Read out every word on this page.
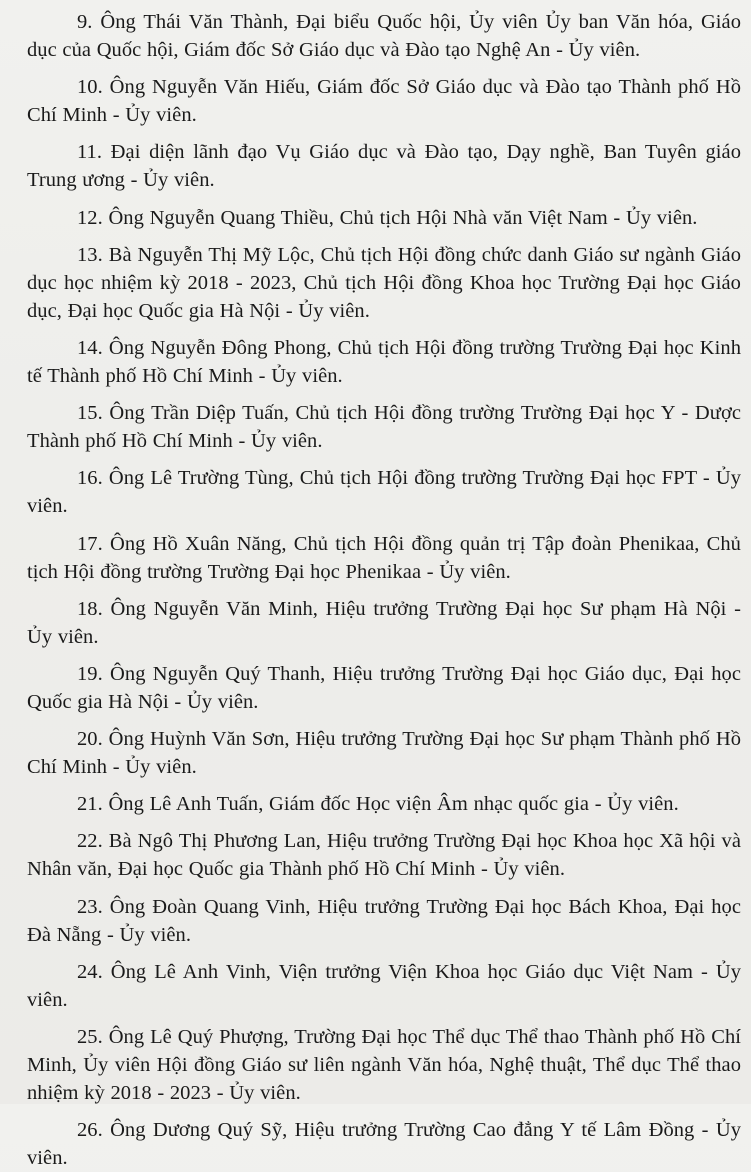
9. Ông Thái Văn Thành, Đại biểu Quốc hội, Ủy viên Ủy ban Văn hóa, Giáo dục của Quốc hội, Giám đốc Sở Giáo dục và Đào tạo Nghệ An - Ủy viên.

10. Ông Nguyễn Văn Hiếu, Giám đốc Sở Giáo dục và Đào tạo Thành phố Hồ Chí Minh - Ủy viên.

11. Đại diện lãnh đạo Vụ Giáo dục và Đào tạo, Dạy nghề, Ban Tuyên giáo Trung ương - Ủy viên.

12. Ông Nguyễn Quang Thiều, Chủ tịch Hội Nhà văn Việt Nam - Ủy viên.

13. Bà Nguyễn Thị Mỹ Lộc, Chủ tịch Hội đồng chức danh Giáo sư ngành Giáo dục học nhiệm kỳ 2018 - 2023, Chủ tịch Hội đồng Khoa học Trường Đại học Giáo dục, Đại học Quốc gia Hà Nội - Ủy viên.

14. Ông Nguyễn Đông Phong, Chủ tịch Hội đồng trường Trường Đại học Kinh tế Thành phố Hồ Chí Minh - Ủy viên.

15. Ông Trần Diệp Tuấn, Chủ tịch Hội đồng trường Trường Đại học Y - Dược Thành phố Hồ Chí Minh - Ủy viên.

16. Ông Lê Trường Tùng, Chủ tịch Hội đồng trường Trường Đại học FPT - Ủy viên.

17. Ông Hồ Xuân Năng, Chủ tịch Hội đồng quản trị Tập đoàn Phenikaa, Chủ tịch Hội đồng trường Trường Đại học Phenikaa - Ủy viên.

18. Ông Nguyễn Văn Minh, Hiệu trưởng Trường Đại học Sư phạm Hà Nội - Ủy viên.

19. Ông Nguyễn Quý Thanh, Hiệu trưởng Trường Đại học Giáo dục, Đại học Quốc gia Hà Nội - Ủy viên.

20. Ông Huỳnh Văn Sơn, Hiệu trưởng Trường Đại học Sư phạm Thành phố Hồ Chí Minh - Ủy viên.

21. Ông Lê Anh Tuấn, Giám đốc Học viện Âm nhạc quốc gia - Ủy viên.

22. Bà Ngô Thị Phương Lan, Hiệu trưởng Trường Đại học Khoa học Xã hội và Nhân văn, Đại học Quốc gia Thành phố Hồ Chí Minh - Ủy viên.

23. Ông Đoàn Quang Vinh, Hiệu trưởng Trường Đại học Bách Khoa, Đại học Đà Nẵng - Ủy viên.

24. Ông Lê Anh Vinh, Viện trưởng Viện Khoa học Giáo dục Việt Nam - Ủy viên.

25. Ông Lê Quý Phượng, Trường Đại học Thể dục Thể thao Thành phố Hồ Chí Minh, Ủy viên Hội đồng Giáo sư liên ngành Văn hóa, Nghệ thuật, Thể dục Thể thao nhiệm kỳ 2018 - 2023 - Ủy viên.

26. Ông Dương Quý Sỹ, Hiệu trưởng Trường Cao đẳng Y tế Lâm Đồng - Ủy viên.
